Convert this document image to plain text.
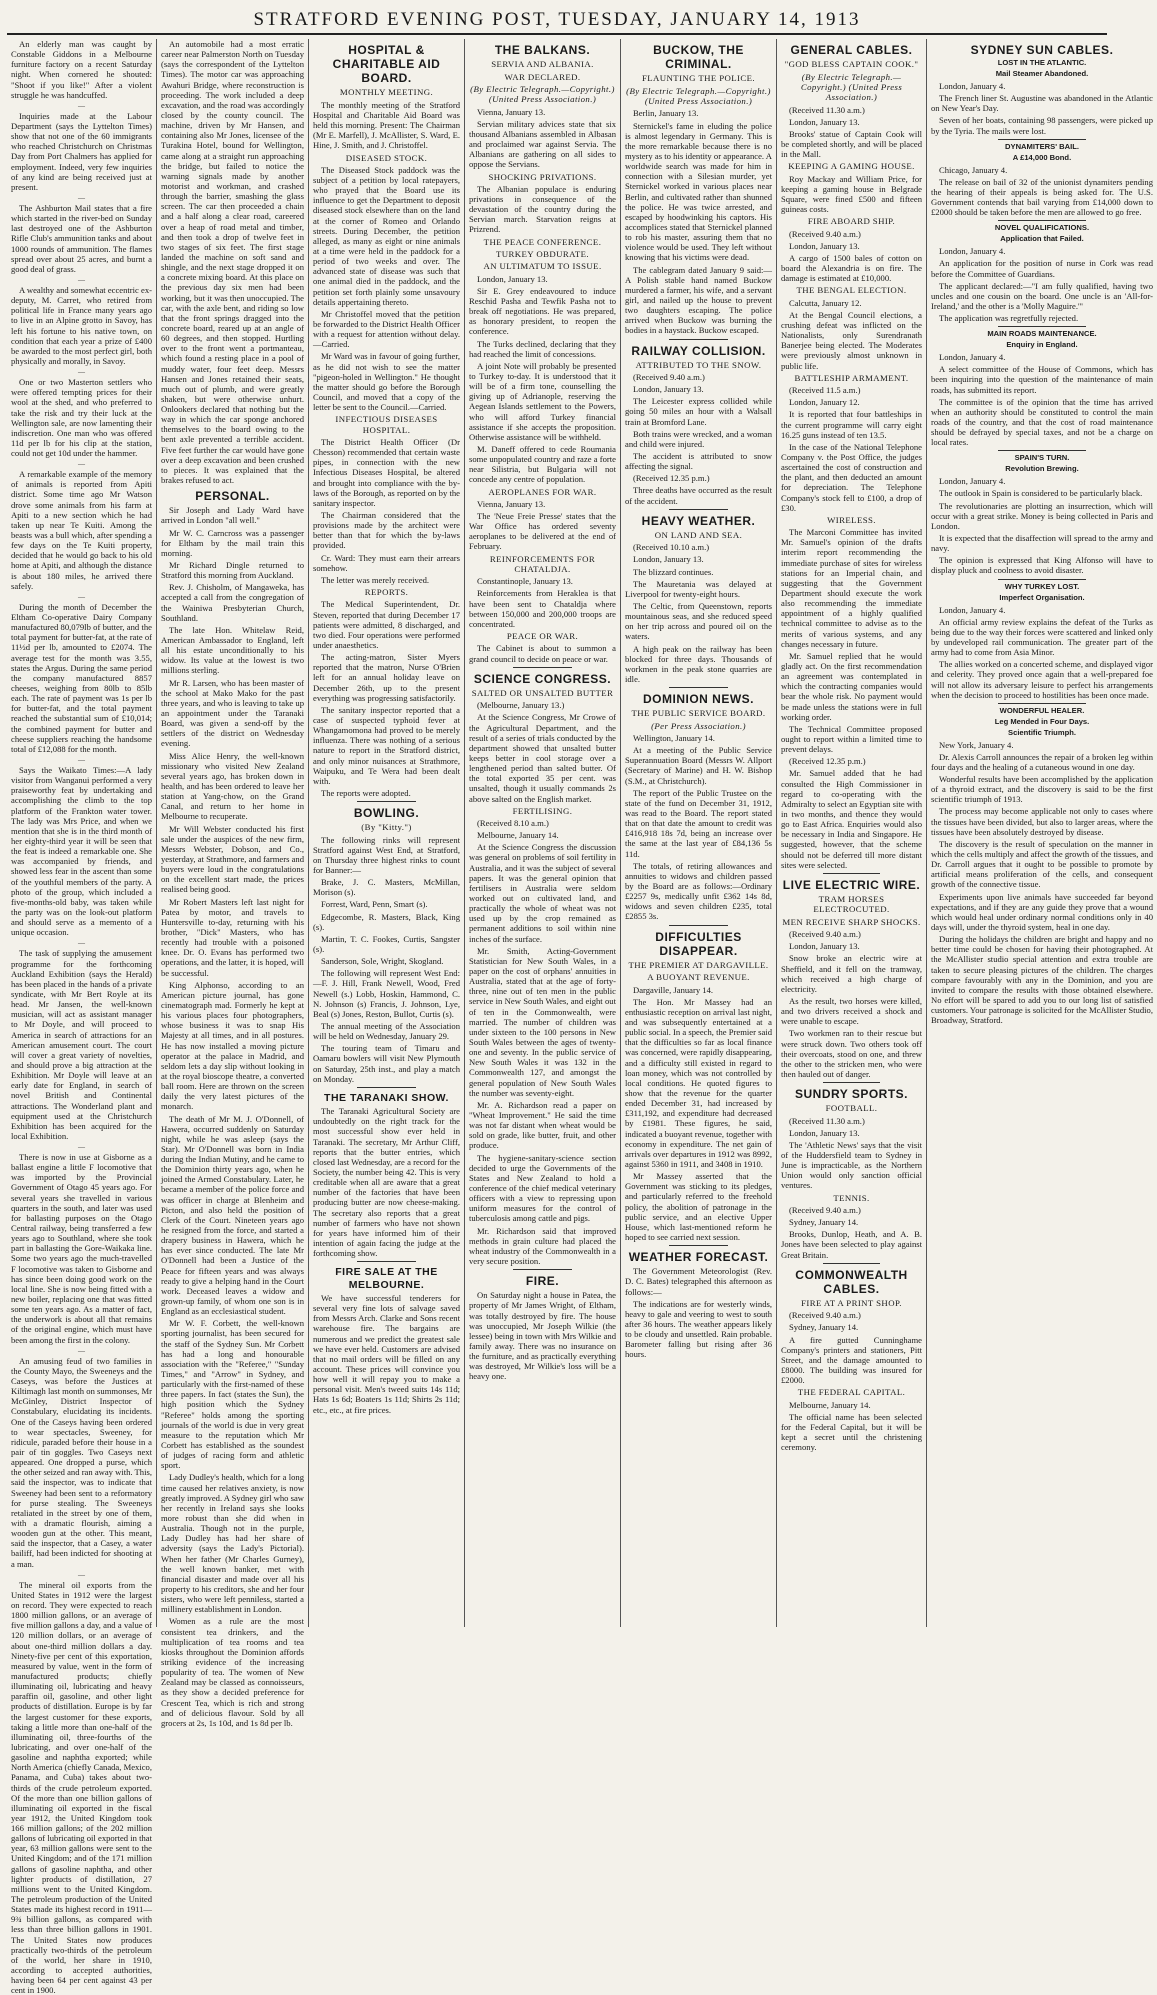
STRATFORD EVENING POST, TUESDAY, JANUARY 14, 1913

An elderly man was caught by Constable Giddons in a Melbourne furniture factory on a recent Saturday night. When cornered he shouted: "Shoot if you like!" After a violent struggle he was handcuffed.

—

Inquiries made at the Labour Department (says the Lyttelton Times) show that not one of the 60 immigrants who reached Christchurch on Christmas Day from Port Chalmers has applied for employment. Indeed, very few inquiries of any kind are being received just at present.

—

The Ashburton Mail states that a fire which started in the river-bed on Sunday last destroyed one of the Ashburton Rifle Club's ammunition tanks and about 1000 rounds of ammunition. The flames spread over about 25 acres, and burnt a good deal of grass.

—

A wealthy and somewhat eccentric ex-deputy, M. Carret, who retired from political life in France many years ago to live in an Alpine grotto in Savoy, has left his fortune to his native town, on condition that each year a prize of £400 be awarded to the most perfect girl, both physically and morally, in Savoy.

—

One or two Masterton settlers who were offered tempting prices for their wool at the shed, and who preferred to take the risk and try their luck at the Wellington sale, are now lamenting their indiscretion. One man who was offered 11d per lb for his clip at the station, could not get 10d under the hammer.

—

A remarkable example of the memory of animals is reported from Apiti district. Some time ago Mr Watson drove some animals from his farm at Apiti to a new section which he had taken up near Te Kuiti. Among the beasts was a bull which, after spending a few days on the Te Kuiti property, decided that he would go back to his old home at Apiti, and although the distance is about 180 miles, he arrived there safely.

—

During the month of December the Eltham Co-operative Dairy Company manufactured 80,079lb of butter, and the total payment for butter-fat, at the rate of 11½d per lb, amounted to £2074. The average test for the month was 3.55, states the Argus. During the same period the company manufactured 8857 cheeses, weighing from 80lb to 85lb each. The rate of payment was 1s per lb for butter-fat, and the total payment reached the substantial sum of £10,014; the combined payment for butter and cheese suppliers reaching the handsome total of £12,088 for the month.

—

Says the Waikato Times:—A lady visitor from Wanganui performed a very praiseworthy feat by undertaking and accomplishing the climb to the top platform of the Frankton water tower. The lady was Mrs Price, and when we mention that she is in the third month of her eighty-third year it will be seen that the feat is indeed a remarkable one. She was accompanied by friends, and showed less fear in the ascent than some of the youthful members of the party. A photo of the group, which included a five-months-old baby, was taken while the party was on the look-out platform and should serve as a memento of a unique occasion.

—

The task of supplying the amusement programme for the forthcoming Auckland Exhibition (says the Herald) has been placed in the hands of a private syndicate, with Mr Bert Royle at its head. Mr Jansen, the well-known musician, will act as assistant manager to Mr Doyle, and will proceed to America in search of attractions for an American amusement court. The court will cover a great variety of novelties, and should prove a big attraction at the Exhibition. Mr Doyle will leave at an early date for England, in search of novel British and Continental attractions. The Wonderland plant and equipment used at the Christchurch Exhibition has been acquired for the local Exhibition.

—

There is now in use at Gisborne as a ballast engine a little F locomotive that was imported by the Provincial Government of Otago 45 years ago. For several years she travelled in various quarters in the south, and later was used for ballasting purposes on the Otago Central railway, being transferred a few years ago to Southland, where she took part in ballasting the Gore-Waikaka line. Some two years ago the much-travelled F locomotive was taken to Gisborne and has since been doing good work on the local line. She is now being fitted with a new boiler, replacing one that was fitted some ten years ago. As a matter of fact, the underwork is about all that remains of the original engine, which must have been among the first in the colony.

—

An amusing feud of two families in the County Mayo, the Sweeneys and the Caseys, was before the Justices at Kiltimagh last month on summonses, Mr McGinley, District Inspector of Constabulary, elucidating its incidents. One of the Caseys having been ordered to wear spectacles, Sweeney, for ridicule, paraded before their house in a pair of tin goggles. Two Caseys next appeared. One dropped a purse, which the other seized and ran away with. This, said the inspector, was to indicate that Sweeney had been sent to a reformatory for purse stealing. The Sweeneys retaliated in the street by one of them, with a dramatic flourish, aiming a wooden gun at the other. This meant, said the inspector, that a Casey, a water bailiff, had been indicted for shooting at a man.

—

The mineral oil exports from the United States in 1912 were the largest on record. They were expected to reach 1800 million gallons, or an average of five million gallons a day, and a value of 120 million dollars, or an average of about one-third million dollars a day. Ninety-five per cent of this exportation, measured by value, went in the form of manufactured products; chiefly illuminating oil, lubricating and heavy paraffin oil, gasoline, and other light products of distillation. Europe is by far the largest customer for these exports, taking a little more than one-half of the illuminating oil, three-fourths of the lubricating, and over one-half of the gasoline and naphtha exported; while North America (chiefly Canada, Mexico, Panama, and Cuba) takes about two-thirds of the crude petroleum exported. Of the more than one billion gallons of illuminating oil exported in the fiscal year 1912, the United Kingdom took 166 million gallons; of the 202 million gallons of lubricating oil exported in that year, 63 million gallons were sent to the United Kingdom; and of the 171 million gallons of gasoline naphtha, and other lighter products of distillation, 27 millions went to the United Kingdom. The petroleum production of the United States made its highest record in 1911—9¾ billion gallons, as compared with less than three billion gallons in 1901. The United States now produces practically two-thirds of the petroleum of the world, her share in 1910, according to accepted authorities, having been 64 per cent against 43 per cent in 1900.

An automobile had a most erratic career near Palmerston North on Tuesday (says the correspondent of the Lyttelton Times). The motor car was approaching Awahuri Bridge, where reconstruction is proceeding. The work included a deep excavation, and the road was accordingly closed by the county council. The machine, driven by Mr Hansen, and containing also Mr Jones, licensee of the Turakina Hotel, bound for Wellington, came along at a straight run approaching the bridge, but failed to notice the warning signals made by another motorist and workman, and crashed through the barrier, smashing the glass screen. The car then proceeded a chain and a half along a clear road, careered over a heap of road metal and timber, and then took a drop of twelve feet in two stages of six feet. The first stage landed the machine on soft sand and shingle, and the next stage dropped it on a concrete mixing board. At this place on the previous day six men had been working, but it was then unoccupied. The car, with the axle bent, and riding so low that the front springs dragged into the concrete board, reared up at an angle of 60 degrees, and then stopped. Hurtling over to the front went a portmanteau, which found a resting place in a pool of muddy water, four feet deep. Messrs Hansen and Jones retained their seats, much out of plumb, and were greatly shaken, but were otherwise unhurt. Onlookers declared that nothing but the way in which the car sponge anchored themselves to the board owing to the bent axle prevented a terrible accident. Five feet further the car would have gone over a deep excavation and been crushed to pieces. It was explained that the brakes refused to act.

PERSONAL.

Sir Joseph and Lady Ward have arrived in London "all well."

Mr W. C. Carncross was a passenger for Eltham by the mail train this morning.

Mr Richard Dingle returned to Stratford this morning from Auckland.

Rev. J. Chisholm, of Mangaweka, has accepted a call from the congregation of the Wainiwa Presbyterian Church, Southland.

The late Hon. Whitelaw Reid, American Ambassador to England, left all his estate unconditionally to his widow. Its value at the lowest is two millions sterling.

Mr R. Larsen, who has been master of the school at Mako Mako for the past three years, and who is leaving to take up an appointment under the Taranaki Board, was given a send-off by the settlers of the district on Wednesday evening.

Miss Alice Henry, the well-known missionary who visited New Zealand several years ago, has broken down in health, and has been ordered to leave her station at Yang-chow, on the Grand Canal, and return to her home in Melbourne to recuperate.

Mr Will Webster conducted his first sale under the auspices of the new firm, Messrs Webster, Dobson, and Co., yesterday, at Strathmore, and farmers and buyers were loud in the congratulations on the excellent start made, the prices realised being good.

Mr Robert Masters left last night for Patea by motor, and travels to Huntersville to-day, returning with his brother, "Dick" Masters, who has recently had trouble with a poisoned knee. Dr. O. Evans has performed two operations, and the latter, it is hoped, will be successful.

King Alphonso, according to an American picture journal, has gone cinematograph mad. Formerly he kept at his various places four photographers, whose business it was to snap His Majesty at all times, and in all postures. He has now installed a moving picture operator at the palace in Madrid, and seldom lets a day slip without looking in at the royal bioscope theatre, a converted ball room. Here are thrown on the screen daily the very latest pictures of the monarch.

The death of Mr M. J. O'Donnell, of Hawera, occurred suddenly on Saturday night, while he was asleep (says the Star). Mr O'Donnell was born in India during the Indian Mutiny, and he came to the Dominion thirty years ago, when he joined the Armed Constabulary. Later, he became a member of the police force and was officer in charge at Blenheim and Picton, and also held the position of Clerk of the Court. Nineteen years ago he resigned from the force, and started a drapery business in Hawera, which he has ever since conducted. The late Mr O'Donnell had been a Justice of the Peace for fifteen years and was always ready to give a helping hand in the Court work. Deceased leaves a widow and grown-up family, of whom one son is in England as an ecclesiastical student.

Mr W. F. Corbett, the well-known sporting journalist, has been secured for the staff of the Sydney Sun. Mr Corbett has had a long and honourable association with the "Referee," "Sunday Times," and "Arrow" in Sydney, and particularly with the first-named of these three papers. In fact (states the Sun), the high position which the Sydney "Referee" holds among the sporting journals of the world is due in very great measure to the reputation which Mr Corbett has established as the soundest of judges of racing form and athletic sport.

Lady Dudley's health, which for a long time caused her relatives anxiety, is now greatly improved. A Sydney girl who saw her recently in Ireland says she looks more robust than she did when in Australia. Though not in the purple, Lady Dudley has had her share of adversity (says the Lady's Pictorial). When her father (Mr Charles Gurney), the well known banker, met with financial disaster and made over all his property to his creditors, she and her four sisters, who were left penniless, started a millinery establishment in London.

Women as a rule are the most consistent tea drinkers, and the multiplication of tea rooms and tea kiosks throughout the Dominion affords striking evidence of the increasing popularity of tea. The women of New Zealand may be classed as connoisseurs, as they show a decided preference for Crescent Tea, which is rich and strong and of delicious flavour. Sold by all grocers at 2s, 1s 10d, and 1s 8d per lb.

HOSPITAL & CHARITABLE AID BOARD.
MONTHLY MEETING.

The monthly meeting of the Stratford Hospital and Charitable Aid Board was held this morning. Present: The Chairman (Mr E. Marfell), J. McAllister, S. Ward, E. Hine, J. Smith, and J. Christoffel.

DISEASED STOCK.

The Diseased Stock paddock was the subject of a petition by local ratepayers, who prayed that the Board use its influence to get the Department to deposit diseased stock elsewhere than on the land at the corner of Romeo and Orlando streets. During December, the petition alleged, as many as eight or nine animals at a time were held in the paddock for a period of two weeks and over. The advanced state of disease was such that one animal died in the paddock, and the petition set forth plainly some unsavoury details appertaining thereto.

Mr Christoffel moved that the petition be forwarded to the District Health Officer with a request for attention without delay.—Carried.

Mr Ward was in favour of going further, as he did not wish to see the matter "pigeon-holed in Wellington." He thought the matter should go before the Borough Council, and moved that a copy of the letter be sent to the Council.—Carried.

INFECTIOUS DISEASES HOSPITAL.

The District Health Officer (Dr Chesson) recommended that certain waste pipes, in connection with the new Infectious Diseases Hospital, be altered and brought into compliance with the by-laws of the Borough, as reported on by the sanitary inspector.

The Chairman considered that the provisions made by the architect were better than that for which the by-laws provided.

Cr. Ward: They must earn their arrears somehow.

The letter was merely received.

REPORTS.

The Medical Superintendent, Dr. Steven, reported that during December 17 patients were admitted, 8 discharged, and two died. Four operations were performed under anaesthetics.

The acting-matron, Sister Myers reported that the matron, Nurse O'Brien left for an annual holiday leave on December 26th, up to the present everything was progressing satisfactorily.

The sanitary inspector reported that a case of suspected typhoid fever at Whangamomona had proved to be merely influenza. There was nothing of a serious nature to report in the Stratford district, and only minor nuisances at Strathmore, Waipuku, and Te Wera had been dealt with.

The reports were adopted.

BOWLING.
(By "Kitty.")

The following rinks will represent Stratford against West End, at Stratford, on Thursday three highest rinks to count for Banner:—

Brake, J. C. Masters, McMillan, Morison (s).

Forrest, Ward, Penn, Smart (s).

Edgecombe, R. Masters, Black, King (s).

Martin, T. C. Fookes, Curtis, Sangster (s).

Sanderson, Sole, Wright, Skogland.

The following will represent West End:—F. J. Hill, Frank Newell, Wood, Fred Newell (s.) Lobb, Hoskin, Hammond, C. N. Johnson (s) Francis, J. Johnson, Lye, Beal (s) Jones, Reston, Bullot, Curtis (s).

The annual meeting of the Association will be held on Wednesday, January 29.

The touring team of Timaru and Oamaru bowlers will visit New Plymouth on Saturday, 25th inst., and play a match on Monday.

THE TARANAKI SHOW.

The Taranaki Agricultural Society are undoubtedly on the right track for the most successful show ever held in Taranaki. The secretary, Mr Arthur Cliff, reports that the butter entries, which closed last Wednesday, are a record for the Society, the number being 42. This is very creditable when all are aware that a great number of the factories that have been producing butter are now cheese-making. The secretary also reports that a great number of farmers who have not shown for years have informed him of their intention of again facing the judge at the forthcoming show.

FIRE SALE AT THE MELBOURNE.

We have successful tenderers for several very fine lots of salvage saved from Messrs Arch. Clarke and Sons recent warehouse fire. The bargains are numerous and we predict the greatest sale we have ever held. Customers are advised that no mail orders will be filled on any account. These prices will convince you how well it will repay you to make a personal visit. Men's tweed suits 14s 11d; Hats 1s 6d; Boaters 1s 11d; Shirts 2s 11d; etc., etc., at fire prices.

THE BALKANS.
SERVIA AND ALBANIA.
WAR DECLARED.
(By Electric Telegraph.—Copyright.) (United Press Association.)

Vienna, January 13.

Servian military advices state that six thousand Albanians assembled in Albasan and proclaimed war against Servia. The Albanians are gathering on all sides to oppose the Servians.

SHOCKING PRIVATIONS.

The Albanian populace is enduring privations in consequence of the devastation of the country during the Servian march. Starvation reigns at Prizrend.

THE PEACE CONFERENCE.
TURKEY OBDURATE.
AN ULTIMATUM TO ISSUE.

London, January 13.

Sir E. Grey endeavoured to induce Reschid Pasha and Tewfik Pasha not to break off negotiations. He was prepared, as honorary president, to reopen the conference.

The Turks declined, declaring that they had reached the limit of concessions.

A joint Note will probably be presented to Turkey to-day. It is understood that it will be of a firm tone, counselling the giving up of Adrianople, reserving the Aegean Islands settlement to the Powers, who will afford Turkey financial assistance if she accepts the proposition. Otherwise assistance will be withheld.

M. Daneff offered to cede Roumania some unpopulated country and raze a forte near Silistria, but Bulgaria will not concede any centre of population.

AEROPLANES FOR WAR.

Vienna, January 13.

The 'Neue Freie Presse' states that the War Office has ordered seventy aeroplanes to be delivered at the end of February.

REINFORCEMENTS FOR CHATALDJA.

Constantinople, January 13.

Reinforcements from Heraklea is that have been sent to Chataldja where between 150,000 and 200,000 troops are concentrated.

PEACE OR WAR.

The Cabinet is about to summon a grand council to decide on peace or war.

SCIENCE CONGRESS.
SALTED OR UNSALTED BUTTER

(Melbourne, January 13.)

At the Science Congress, Mr Crowe of the Agricultural Department, and the result of a series of trials conducted by the department showed that unsalted butter keeps better in cool storage over a lengthened period than salted butter. Of the total exported 35 per cent. was unsalted, though it usually commands 2s above salted on the English market.

FERTILISING.

(Received 8.10 a.m.)

Melbourne, January 14.

At the Science Congress the discussion was general on problems of soil fertility in Australia, and it was the subject of several papers. It was the general opinion that fertilisers in Australia were seldom worked out on cultivated land, and practically the whole of wheat was not used up by the crop remained as permanent additions to soil within nine inches of the surface.

Mr. Smith, Acting-Government Statistician for New South Wales, in a paper on the cost of orphans' annuities in Australia, stated that at the age of forty-three, nine out of ten men in the public service in New South Wales, and eight out of ten in the Commonwealth, were married. The number of children was under sixteen to the 100 persons in New South Wales between the ages of twenty-one and seventy. In the public service of New South Wales it was 132 in the Commonwealth 127, and amongst the general population of New South Wales the number was seventy-eight.

Mr. A. Richardson read a paper on "Wheat Improvement." He said the time was not far distant when wheat would be sold on grade, like butter, fruit, and other produce.

The hygiene-sanitary-science section decided to urge the Governments of the States and New Zealand to hold a conference of the chief medical veterinary officers with a view to repressing upon uniform measures for the control of tuberculosis among cattle and pigs.

Mr. Richardson said that improved methods in grain culture had placed the wheat industry of the Commonwealth in a very secure position.

FIRE.

On Saturday night a house in Patea, the property of Mr James Wright, of Eltham, was totally destroyed by fire. The house was unoccupied, Mr Joseph Wilkie (the lessee) being in town with Mrs Wilkie and family away. There was no insurance on the furniture, and as practically everything was destroyed, Mr Wilkie's loss will be a heavy one.

BUCKOW, THE CRIMINAL.
FLAUNTING THE POLICE.
(By Electric Telegraph.—Copyright.) (United Press Association.)

Berlin, January 13.

Sternickel's fame in eluding the police is almost legendary in Germany. This is the more remarkable because there is no mystery as to his identity or appearance. A worldwide search was made for him in connection with a Silesian murder, yet Sternickel worked in various places near Berlin, and cultivated rather than shunned the police. He was twice arrested, and escaped by hoodwinking his captors. His accomplices stated that Sternickel planned to rob his master, assuring them that no violence would be used. They left without knowing that his victims were dead.

The cablegram dated January 9 said:—A Polish stable hand named Buckow murdered a farmer, his wife, and a servant girl, and nailed up the house to prevent two daughters escaping. The police arrived when Buckow was burning the bodies in a haystack. Buckow escaped.

RAILWAY COLLISION.
ATTRIBUTED TO THE SNOW.

(Received 9.40 a.m.)

London, January 13.

The Leicester express collided while going 50 miles an hour with a Walsall train at Bromford Lane.

Both trains were wrecked, and a woman and child were injured.

The accident is attributed to snow affecting the signal.

(Received 12.35 p.m.)

Three deaths have occurred as the result of the accident.

HEAVY WEATHER.
ON LAND AND SEA.

(Received 10.10 a.m.)

London, January 13.

The blizzard continues.

The Mauretania was delayed at Liverpool for twenty-eight hours.

The Celtic, from Queenstown, reports mountainous seas, and she reduced speed on her trip across and poured oil on the waters.

A high peak on the railway has been blocked for three days. Thousands of workmen in the peak stone quarries are idle.

DOMINION NEWS.
THE PUBLIC SERVICE BOARD.
(Per Press Association.)

Wellington, January 14.

At a meeting of the Public Service Superannuation Board (Messrs W. Allport (Secretary of Marine) and H. W. Bishop (S.M., at Christchurch).

The report of the Public Trustee on the state of the fund on December 31, 1912, was read to the Board. The report stated that on that date the amount to credit was £416,918 18s 7d, being an increase over the same at the last year of £84,136 5s 11d.

The totals, of retiring allowances and annuities to widows and children passed by the Board are as follows:—Ordinary £2257 9s, medically unfit £362 14s 8d, widows and seven children £235, total £2855 3s.

DIFFICULTIES DISAPPEAR.
THE PREMIER AT DARGAVILLE.
A BUOYANT REVENUE.

Dargaville, January 14.

The Hon. Mr Massey had an enthusiastic reception on arrival last night, and was subsequently entertained at a public social. In a speech, the Premier said that the difficulties so far as local finance was concerned, were rapidly disappearing, and a difficulty still existed in regard to loan money, which was not controlled by local conditions. He quoted figures to show that the revenue for the quarter ended December 31, had increased by £311,192, and expenditure had decreased by £1981. These figures, he said, indicated a buoyant revenue, together with economy in expenditure. The net gain of arrivals over departures in 1912 was 8992, against 5360 in 1911, and 3408 in 1910.

Mr Massey asserted that the Government was sticking to its pledges, and particularly referred to the freehold policy, the abolition of patronage in the public service, and an elective Upper House, which last-mentioned reform he hoped to see carried next session.

WEATHER FORECAST.

The Government Meteorologist (Rev. D. C. Bates) telegraphed this afternoon as follows:—

The indications are for westerly winds, heavy to gale and veering to west to south after 36 hours. The weather appears likely to be cloudy and unsettled. Rain probable. Barometer falling but rising after 36 hours.

GENERAL CABLES.
"GOD BLESS CAPTAIN COOK."
(By Electric Telegraph.—Copyright.) (United Press Association.)

(Received 11.30 a.m.)

London, January 13.

Brooks' statue of Captain Cook will be completed shortly, and will be placed in the Mall.

KEEPING A GAMING HOUSE.

Roy Mackay and William Price, for keeping a gaming house in Belgrade Square, were fined £500 and fifteen guineas costs.

FIRE ABOARD SHIP.

(Received 9.40 a.m.)

London, January 13.

A cargo of 1500 bales of cotton on board the Alexandria is on fire. The damage is estimated at £10,000.

THE BENGAL ELECTION.

Calcutta, January 12.

At the Bengal Council elections, a crushing defeat was inflicted on the Nationalists, only Surendranath Banerjee being elected. The Moderates were previously almost unknown in public life.

BATTLESHIP ARMAMENT.

(Received 11.5 a.m.)

London, January 12.

It is reported that four battleships in the current programme will carry eight 16.25 guns instead of ten 13.5.

In the case of the National Telephone Company v. the Post Office, the judges ascertained the cost of construction and the plant, and then deducted an amount for depreciation. The Telephone Company's stock fell to £100, a drop of £30.

WIRELESS.

The Marconi Committee has invited Mr. Samuel's opinion of the drafts interim report recommending the immediate purchase of sites for wireless stations for an Imperial chain, and suggesting that the Government Department should execute the work also recommending the immediate appointment of a highly qualified technical committee to advise as to the merits of various systems, and any changes necessary in future.

Mr. Samuel replied that he would gladly act. On the first recommendation an agreement was contemplated in which the contracting companies would bear the whole risk. No payment would be made unless the stations were in full working order.

The Technical Committee proposed ought to report within a limited time to prevent delays.

(Received 12.35 p.m.)

Mr. Samuel added that he had consulted the High Commissioner in regard to co-operating with the Admiralty to select an Egyptian site with in two months, and thence they would go to East Africa. Enquiries would also be necessary in India and Singapore. He suggested, however, that the scheme should not be deferred till more distant sites were selected.

LIVE ELECTRIC WIRE.
TRAM HORSES ELECTROCUTED.
MEN RECEIVE SHARP SHOCKS.

(Received 9.40 a.m.)

London, January 13.

Snow broke an electric wire at Sheffield, and it fell on the tramway, which received a high charge of electricity.

As the result, two horses were killed, and two drivers received a shock and were unable to escape.

Two workmen ran to their rescue but were struck down. Two others took off their overcoats, stood on one, and threw the other to the stricken men, who were then hauled out of danger.

SUNDRY SPORTS.
FOOTBALL.

(Received 11.30 a.m.)

London, January 13.

The 'Athletic News' says that the visit of the Huddersfield team to Sydney in June is impracticable, as the Northern Union would only sanction official ventures.

TENNIS.

(Received 9.40 a.m.)

Sydney, January 14.

Brooks, Dunlop, Heath, and A. B. Jones have been selected to play against Great Britain.

COMMONWEALTH CABLES.
FIRE AT A PRINT SHOP.

(Received 9.40 a.m.)

Sydney, January 14.

A fire gutted Cunninghame Company's printers and stationers, Pitt Street, and the damage amounted to £8000. The building was insured for £2000.

THE FEDERAL CAPITAL.

Melbourne, January 14.

The official name has been selected for the Federal Capital, but it will be kept a secret until the christening ceremony.

SYDNEY SUN CABLES.
LOST IN THE ATLANTIC.
Mail Steamer Abandoned.

London, January 4.

The French liner St. Augustine was abandoned in the Atlantic on New Year's Day.

Seven of her boats, containing 98 passengers, were picked up by the Tyria. The mails were lost.

DYNAMITERS' BAIL.
A £14,000 Bond.

Chicago, January 4.

The release on bail of 32 of the unionist dynamiters pending the hearing of their appeals is being asked for. The U.S. Government contends that bail varying from £14,000 down to £2000 should be taken before the men are allowed to go free.

NOVEL QUALIFICATIONS.
Application that Failed.

London, January 4.

An application for the position of nurse in Cork was read before the Committee of Guardians.

The applicant declared:—"I am fully qualified, having two uncles and one cousin on the board. One uncle is an 'All-for-Ireland,' and the other is a 'Molly Maguire.'"

The application was regretfully rejected.

MAIN ROADS MAINTENANCE.
Enquiry in England.

London, January 4.

A select committee of the House of Commons, which has been inquiring into the question of the maintenance of main roads, has submitted its report.

The committee is of the opinion that the time has arrived when an authority should be constituted to control the main roads of the country, and that the cost of road maintenance should be defrayed by special taxes, and not be a charge on local rates.

SPAIN'S TURN.
Revolution Brewing.

London, January 4.

The outlook in Spain is considered to be particularly black.

The revolutionaries are plotting an insurrection, which will occur with a great strike. Money is being collected in Paris and London.

It is expected that the disaffection will spread to the army and navy.

The opinion is expressed that King Alfonso will have to display pluck and coolness to avoid disaster.

WHY TURKEY LOST.
Imperfect Organisation.

London, January 4.

An official army review explains the defeat of the Turks as being due to the way their forces were scattered and linked only by undeveloped rail communication. The greater part of the army had to come from Asia Minor.

The allies worked on a concerted scheme, and displayed vigor and celerity. They proved once again that a well-prepared foe will not allow its adversary leisure to perfect his arrangements when the decision to proceed to hostilities has been once made.

WONDERFUL HEALER.
Leg Mended in Four Days.
Scientific Triumph.

New York, January 4.

Dr. Alexis Carroll announces the repair of a broken leg within four days and the healing of a cutaneous wound in one day.

Wonderful results have been accomplished by the application of a thyroid extract, and the discovery is said to be the first scientific triumph of 1913.

The process may become applicable not only to cases where the tissues have been divided, but also to larger areas, where the tissues have been absolutely destroyed by disease.

The discovery is the result of speculation on the manner in which the cells multiply and affect the growth of the tissues, and Dr. Carroll argues that it ought to be possible to promote by artificial means proliferation of the cells, and consequent growth of the connective tissue.

Experiments upon live animals have succeeded far beyond expectations, and if they are any guide they prove that a wound which would heal under ordinary normal conditions only in 40 days will, under the thyroid system, heal in one day.

During the holidays the children are bright and happy and no better time could be chosen for having their photographed. At the McAllister studio special attention and extra trouble are taken to secure pleasing pictures of the children. The charges compare favourably with any in the Dominion, and you are invited to compare the results with those obtained elsewhere. No effort will be spared to add you to our long list of satisfied customers. Your patronage is solicited for the McAllister Studio, Broadway, Stratford.
